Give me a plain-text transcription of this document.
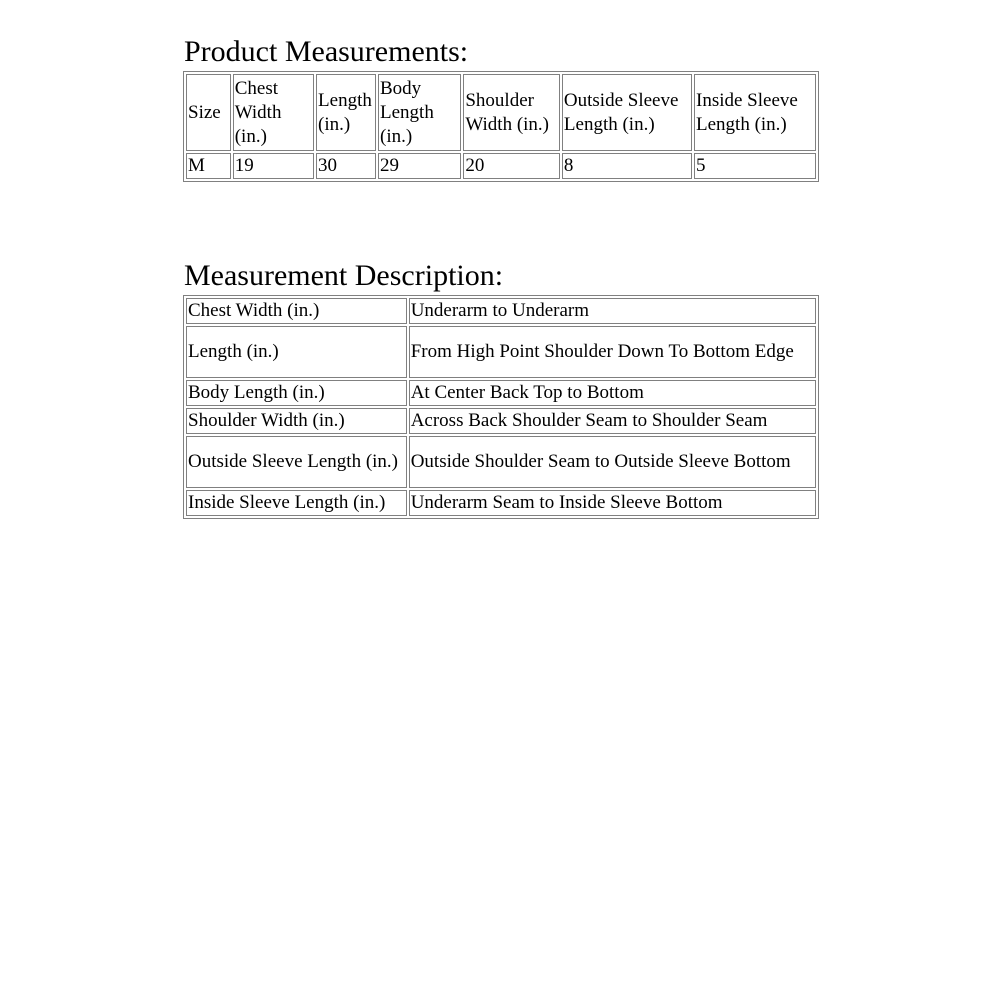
Product Measurements:
Size	Chest Width (in.)	Length (in.)	Body Length (in.)	Shoulder Width (in.)	Outside Sleeve Length (in.)	Inside Sleeve Length (in.)
M	19	30	29	20	8	5
Measurement Description:
Chest Width (in.)	Underarm to Underarm
Length (in.)	From High Point Shoulder Down To Bottom Edge
Body Length (in.)	At Center Back Top to Bottom
Shoulder Width (in.)	Across Back Shoulder Seam to Shoulder Seam
Outside Sleeve Length (in.)	Outside Shoulder Seam to Outside Sleeve Bottom
Inside Sleeve Length (in.)	Underarm Seam to Inside Sleeve Bottom
